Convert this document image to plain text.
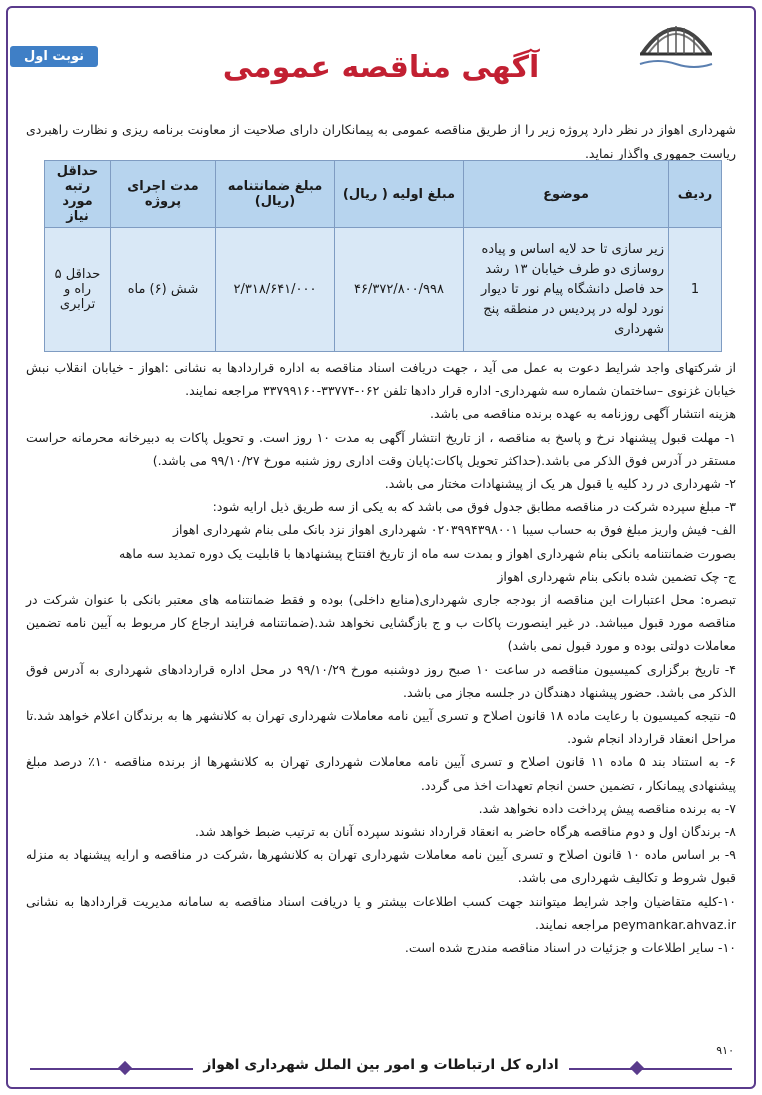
نوبت اول	آگهی مناقصه عمومی
شهرداری اهواز در نظر دارد پروژه زیر را از طریق مناقصه عمومی به پیمانکاران دارای صلاحیت از معاونت برنامه ریزی و نظارت راهبردی ریاست جمهوری واگذار نماید.
ردیف	موضوع	مبلغ اولیه ( ریال)	مبلغ ضمانتنامه (ریال)	مدت اجرای پروژه	حداقل رتبه مورد نیاز
1	زیر سازی تا حد لایه اساس و پیاده روسازی دو طرف خیابان ۱۳ رشد حد فاصل دانشگاه پیام نور تا دیوار نورد لوله در پردیس در منطقه پنج شهرداری	۴۶/۳۷۲/۸۰۰/۹۹۸	۲/۳۱۸/۶۴۱/۰۰۰	شش (۶) ماه	حداقل ۵ راه و ترابری

از شرکتهای واجد شرایط دعوت به عمل می آید ، جهت دریافت اسناد مناقصه به اداره قراردادها به نشانی :اهواز - خیابان انقلاب نبش خیابان غزنوی –ساختمان شماره سه شهرداری- اداره قرار دادها تلفن ۰۶۲-۳۳۷۷۴-۳۳۷۹۹۱۶۰ مراجعه نمایند.

هزینه انتشار آگهی روزنامه به عهده برنده مناقصه می باشد.

۱- مهلت قبول پیشنهاد نرخ و پاسخ به مناقصه ، از تاریخ انتشار آگهی به مدت ۱۰ روز است. و تحویل پاکات به دبیرخانه محرمانه حراست مستقر در آدرس فوق الذکر می باشد.(حداکثر تحویل پاکات:پایان وقت اداری روز شنبه مورخ ۹۹/۱۰/۲۷ می باشد.)

۲- شهرداری در رد کلیه یا قبول هر یک از پیشنهادات مختار می باشد.

۳- مبلغ سپرده شرکت در مناقصه مطابق جدول فوق می باشد که به یکی از سه طریق ذیل ارایه شود:

الف- فیش واریز مبلغ فوق به حساب سیبا ۰۲۰۳۹۹۴۳۹۸۰۰۱ شهرداری اهواز نزد بانک ملی بنام شهرداری اهواز

بصورت ضمانتنامه بانکی بنام شهرداری اهواز و بمدت سه ماه از تاریخ افتتاح پیشنهادها با قابلیت یک دوره تمدید سه ماهه

ج- چک تضمین شده بانکی بنام شهرداری اهواز

تبصره: محل اعتبارات این مناقصه از بودجه جاری شهرداری(منابع داخلی) بوده و فقط ضمانتنامه های معتبر بانکی با عنوان شرکت در مناقصه مورد قبول میباشد. در غیر اینصورت پاکات ب و ج بازگشایی نخواهد شد.(ضمانتنامه فرایند ارجاع کار مربوط به آیین نامه تضمین معاملات دولتی بوده و مورد قبول نمی باشد)

۴- تاریخ برگزاری کمیسیون مناقصه در ساعت ۱۰ صبح روز دوشنبه مورخ ۹۹/۱۰/۲۹ در محل اداره قراردادهای شهرداری به آدرس فوق الذکر می باشد. حضور پیشنهاد دهندگان در جلسه مجاز می باشد.

۵- نتیجه کمیسیون با رعایت ماده ۱۸ قانون اصلاح و تسری آیین نامه معاملات شهرداری تهران به کلانشهر ها به برندگان اعلام خواهد شد.تا مراحل انعقاد قرارداد انجام شود.

۶- به استناد بند ۵ ماده ۱۱ قانون اصلاح و تسری آیین نامه معاملات شهرداری تهران به کلانشهرها از برنده مناقصه ۱۰٪ درصد مبلغ پیشنهادی پیمانکار ، تضمین حسن انجام تعهدات اخذ می گردد.

۷- به برنده مناقصه پیش پرداخت داده نخواهد شد.

۸- برندگان اول و دوم مناقصه هرگاه حاضر به انعقاد قرارداد نشوند سپرده آنان به ترتیب ضبط خواهد شد.

۹- بر اساس ماده ۱۰ قانون اصلاح و تسری آیین نامه معاملات شهرداری تهران به کلانشهرها ،شرکت در مناقصه و ارایه پیشنهاد به منزله قبول شروط و تکالیف شهرداری می باشد.

۱۰-کلیه متقاضیان واجد شرایط میتوانند جهت کسب اطلاعات بیشتر و یا دریافت اسناد مناقصه به سامانه مدیریت قراردادها به نشانی peymankar.ahvaz.ir مراجعه نمایند.

۱۰- سایر اطلاعات و جزئیات در اسناد مناقصه مندرج شده است.

۹۱۰
اداره کل ارتباطات و امور بین الملل شهرداری اهواز
